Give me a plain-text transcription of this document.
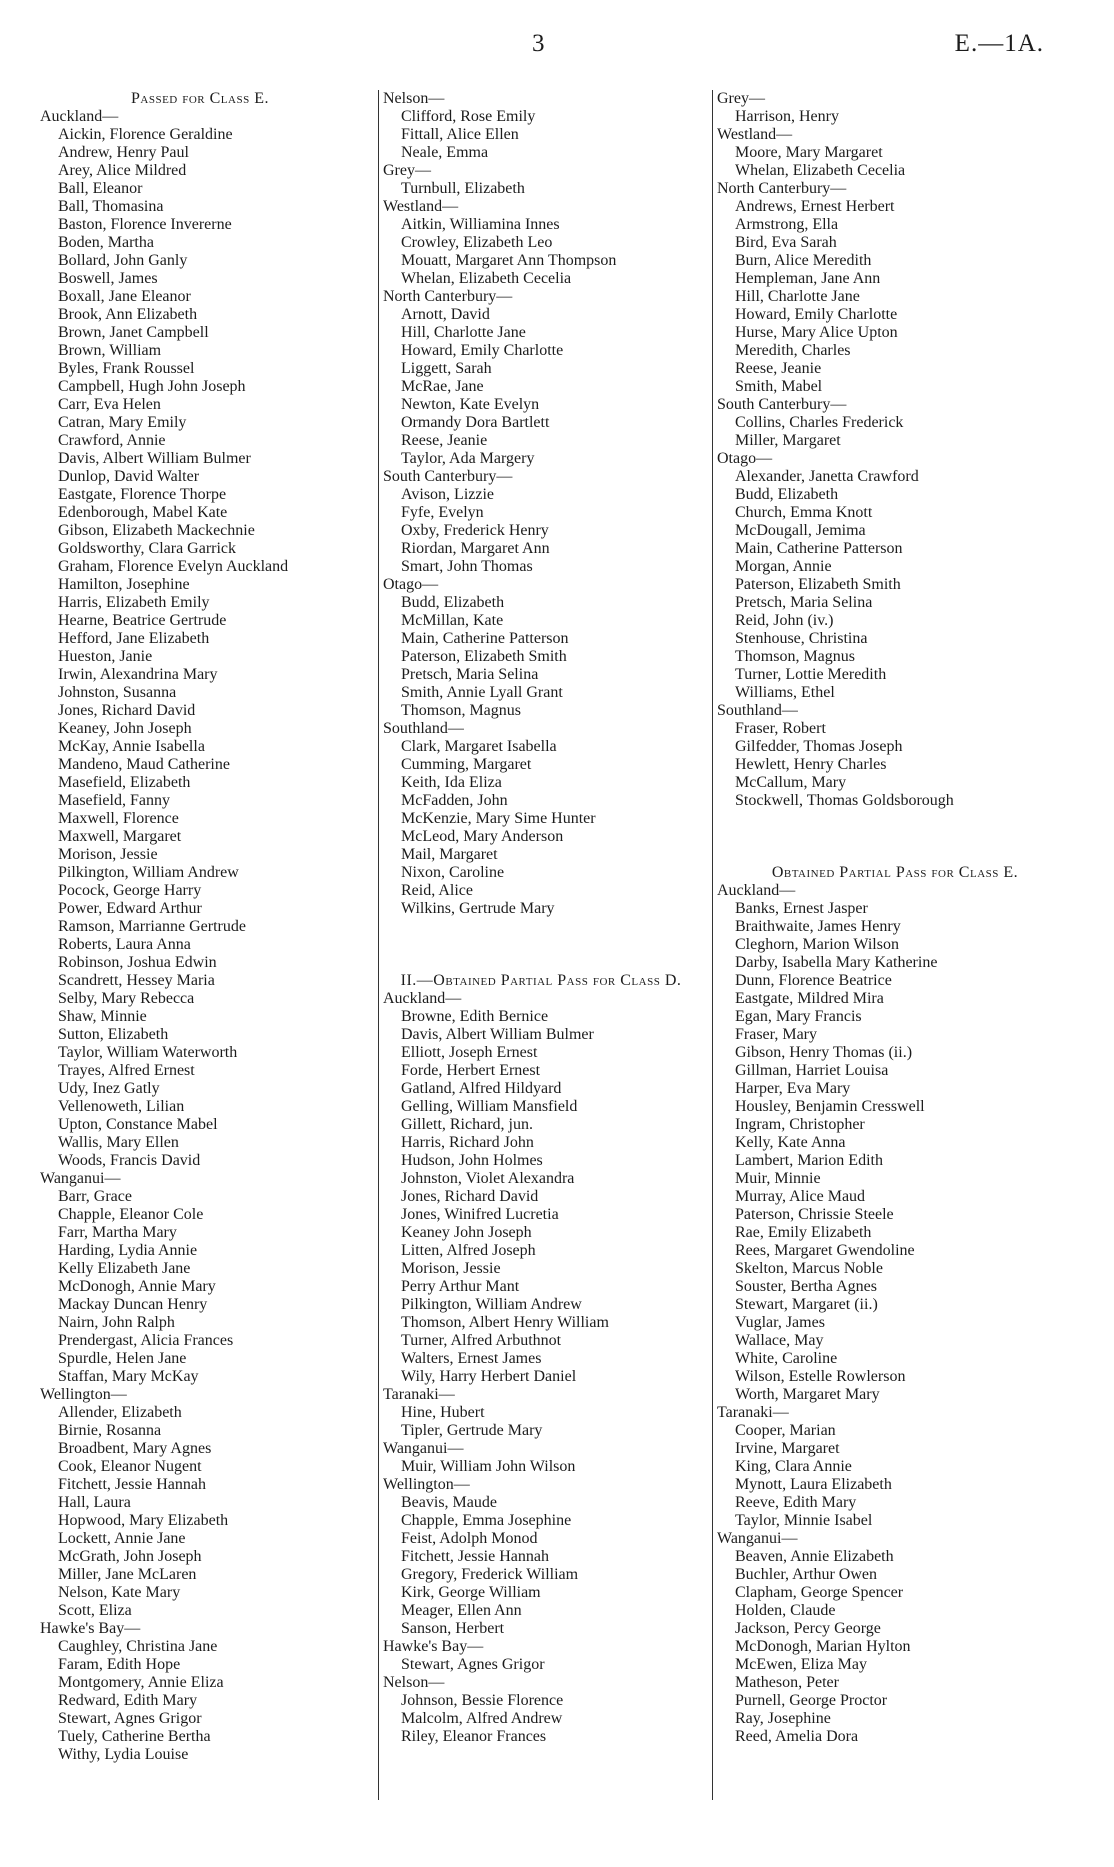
3	E.—1A.
Passed for Class E.
Auckland—
Aickin, Florence Geraldine
Andrew, Henry Paul
Arey, Alice Mildred
Ball, Eleanor
Ball, Thomasina
Baston, Florence Invererne
Boden, Martha
Bollard, John Ganly
Boswell, James
Boxall, Jane Eleanor
Brook, Ann Elizabeth
Brown, Janet Campbell
Brown, William
Byles, Frank Roussel
Campbell, Hugh John Joseph
Carr, Eva Helen
Catran, Mary Emily
Crawford, Annie
Davis, Albert William Bulmer
Dunlop, David Walter
Eastgate, Florence Thorpe
Edenborough, Mabel Kate
Gibson, Elizabeth Mackechnie
Goldsworthy, Clara Garrick
Graham, Florence Evelyn Auckland
Hamilton, Josephine
Harris, Elizabeth Emily
Hearne, Beatrice Gertrude
Hefford, Jane Elizabeth
Hueston, Janie
Irwin, Alexandrina Mary
Johnston, Susanna
Jones, Richard David
Keaney, John Joseph
McKay, Annie Isabella
Mandeno, Maud Catherine
Masefield, Elizabeth
Masefield, Fanny
Maxwell, Florence
Maxwell, Margaret
Morison, Jessie
Pilkington, William Andrew
Pocock, George Harry
Power, Edward Arthur
Ramson, Marrianne Gertrude
Roberts, Laura Anna
Robinson, Joshua Edwin
Scandrett, Hessey Maria
Selby, Mary Rebecca
Shaw, Minnie
Sutton, Elizabeth
Taylor, William Waterworth
Trayes, Alfred Ernest
Udy, Inez Gatly
Vellenoweth, Lilian
Upton, Constance Mabel
Wallis, Mary Ellen
Woods, Francis David
Wanganui—
Barr, Grace
Chapple, Eleanor Cole
Farr, Martha Mary
Harding, Lydia Annie
Kelly Elizabeth Jane
McDonogh, Annie Mary
Mackay Duncan Henry
Nairn, John Ralph
Prendergast, Alicia Frances
Spurdle, Helen Jane
Staffan, Mary McKay
Wellington—
Allender, Elizabeth
Birnie, Rosanna
Broadbent, Mary Agnes
Cook, Eleanor Nugent
Fitchett, Jessie Hannah
Hall, Laura
Hopwood, Mary Elizabeth
Lockett, Annie Jane
McGrath, John Joseph
Miller, Jane McLaren
Nelson, Kate Mary
Scott, Eliza
Hawke's Bay—
Caughley, Christina Jane
Faram, Edith Hope
Montgomery, Annie Eliza
Redward, Edith Mary
Stewart, Agnes Grigor
Tuely, Catherine Bertha
Withy, Lydia Louise
Nelson—
Clifford, Rose Emily
Fittall, Alice Ellen
Neale, Emma
Grey—
Turnbull, Elizabeth
Westland—
Aitkin, Williamina Innes
Crowley, Elizabeth Leo
Mouatt, Margaret Ann Thompson
Whelan, Elizabeth Cecelia
North Canterbury—
Arnott, David
Hill, Charlotte Jane
Howard, Emily Charlotte
Liggett, Sarah
McRae, Jane
Newton, Kate Evelyn
Ormandy Dora Bartlett
Reese, Jeanie
Taylor, Ada Margery
South Canterbury—
Avison, Lizzie
Fyfe, Evelyn
Oxby, Frederick Henry
Riordan, Margaret Ann
Smart, John Thomas
Otago—
Budd, Elizabeth
McMillan, Kate
Main, Catherine Patterson
Paterson, Elizabeth Smith
Pretsch, Maria Selina
Smith, Annie Lyall Grant
Thomson, Magnus
Southland—
Clark, Margaret Isabella
Cumming, Margaret
Keith, Ida Eliza
McFadden, John
McKenzie, Mary Sime Hunter
McLeod, Mary Anderson
Mail, Margaret
Nixon, Caroline
Reid, Alice
Wilkins, Gertrude Mary
II.—Obtained Partial Pass for Class D.
Auckland—
Browne, Edith Bernice
Davis, Albert William Bulmer
Elliott, Joseph Ernest
Forde, Herbert Ernest
Gatland, Alfred Hildyard
Gelling, William Mansfield
Gillett, Richard, jun.
Harris, Richard John
Hudson, John Holmes
Johnston, Violet Alexandra
Jones, Richard David
Jones, Winifred Lucretia
Keaney John Joseph
Litten, Alfred Joseph
Morison, Jessie
Perry Arthur Mant
Pilkington, William Andrew
Thomson, Albert Henry William
Turner, Alfred Arbuthnot
Walters, Ernest James
Wily, Harry Herbert Daniel
Taranaki—
Hine, Hubert
Tipler, Gertrude Mary
Wanganui—
Muir, William John Wilson
Wellington—
Beavis, Maude
Chapple, Emma Josephine
Feist, Adolph Monod
Fitchett, Jessie Hannah
Gregory, Frederick William
Kirk, George William
Meager, Ellen Ann
Sanson, Herbert
Hawke's Bay—
Stewart, Agnes Grigor
Nelson—
Johnson, Bessie Florence
Malcolm, Alfred Andrew
Riley, Eleanor Frances
Grey—
Harrison, Henry
Westland—
Moore, Mary Margaret
Whelan, Elizabeth Cecelia
North Canterbury—
Andrews, Ernest Herbert
Armstrong, Ella
Bird, Eva Sarah
Burn, Alice Meredith
Hempleman, Jane Ann
Hill, Charlotte Jane
Howard, Emily Charlotte
Hurse, Mary Alice Upton
Meredith, Charles
Reese, Jeanie
Smith, Mabel
South Canterbury—
Collins, Charles Frederick
Miller, Margaret
Otago—
Alexander, Janetta Crawford
Budd, Elizabeth
Church, Emma Knott
McDougall, Jemima
Main, Catherine Patterson
Morgan, Annie
Paterson, Elizabeth Smith
Pretsch, Maria Selina
Reid, John (iv.)
Stenhouse, Christina
Thomson, Magnus
Turner, Lottie Meredith
Williams, Ethel
Southland—
Fraser, Robert
Gilfedder, Thomas Joseph
Hewlett, Henry Charles
McCallum, Mary
Stockwell, Thomas Goldsborough
Obtained Partial Pass for Class E.
Auckland—
Banks, Ernest Jasper
Braithwaite, James Henry
Cleghorn, Marion Wilson
Darby, Isabella Mary Katherine
Dunn, Florence Beatrice
Eastgate, Mildred Mira
Egan, Mary Francis
Fraser, Mary
Gibson, Henry Thomas (ii.)
Gillman, Harriet Louisa
Harper, Eva Mary
Housley, Benjamin Cresswell
Ingram, Christopher
Kelly, Kate Anna
Lambert, Marion Edith
Muir, Minnie
Murray, Alice Maud
Paterson, Chrissie Steele
Rae, Emily Elizabeth
Rees, Margaret Gwendoline
Skelton, Marcus Noble
Souster, Bertha Agnes
Stewart, Margaret (ii.)
Vuglar, James
Wallace, May
White, Caroline
Wilson, Estelle Rowlerson
Worth, Margaret Mary
Taranaki—
Cooper, Marian
Irvine, Margaret
King, Clara Annie
Mynott, Laura Elizabeth
Reeve, Edith Mary
Taylor, Minnie Isabel
Wanganui—
Beaven, Annie Elizabeth
Buchler, Arthur Owen
Clapham, George Spencer
Holden, Claude
Jackson, Percy George
McDonogh, Marian Hylton
McEwen, Eliza May
Matheson, Peter
Purnell, George Proctor
Ray, Josephine
Reed, Amelia Dora
